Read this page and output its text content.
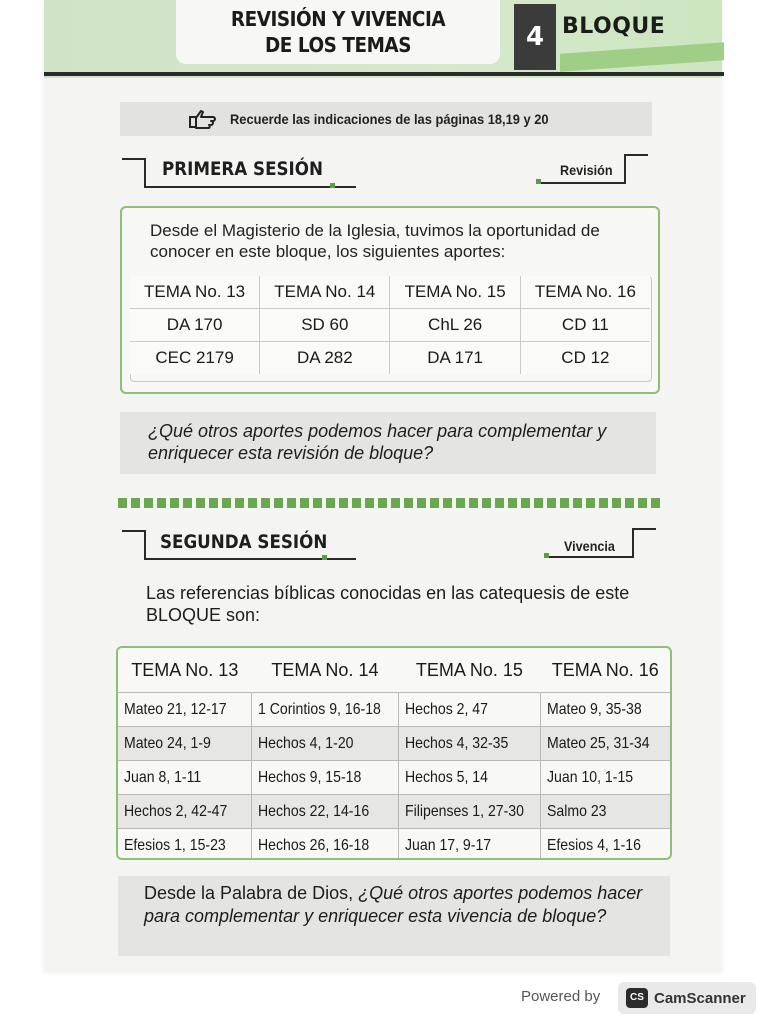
REVISIÓN Y VIVENCIA
DE LOS TEMAS	4 BLOQUE
Recuerde las indicaciones de las páginas 18,19 y 20
PRIMERA SESIÓN	Revisión
Desde el Magisterio de la Iglesia, tuvimos la oportunidad de conocer en este bloque, los siguientes aportes:
TEMA No. 13	TEMA No. 14	TEMA No. 15	TEMA No. 16
DA 170	SD 60	ChL 26	CD 11
CEC 2179	DA 282	DA 171	CD 12
¿Qué otros aportes podemos hacer para complementar y enriquecer esta revisión de bloque?
SEGUNDA SESIÓN	Vivencia
Las referencias bíblicas conocidas en las catequesis de este BLOQUE son:
TEMA No. 13	TEMA No. 14	TEMA No. 15	TEMA No. 16
Mateo 21, 12-17	1 Corintios 9, 16-18	Hechos 2, 47	Mateo 9, 35-38
Mateo 24, 1-9	Hechos 4, 1-20	Hechos 4, 32-35	Mateo 25, 31-34
Juan 8, 1-11	Hechos 9, 15-18	Hechos 5, 14	Juan 10, 1-15
Hechos 2, 42-47	Hechos 22, 14-16	Filipenses 1, 27-30	Salmo 23
Efesios 1, 15-23	Hechos 26, 16-18	Juan 17, 9-17	Efesios 4, 1-16
Desde la Palabra de Dios, ¿Qué otros aportes podemos hacer para complementar y enriquecer esta vivencia de bloque?
Powered by	CS CamScanner
